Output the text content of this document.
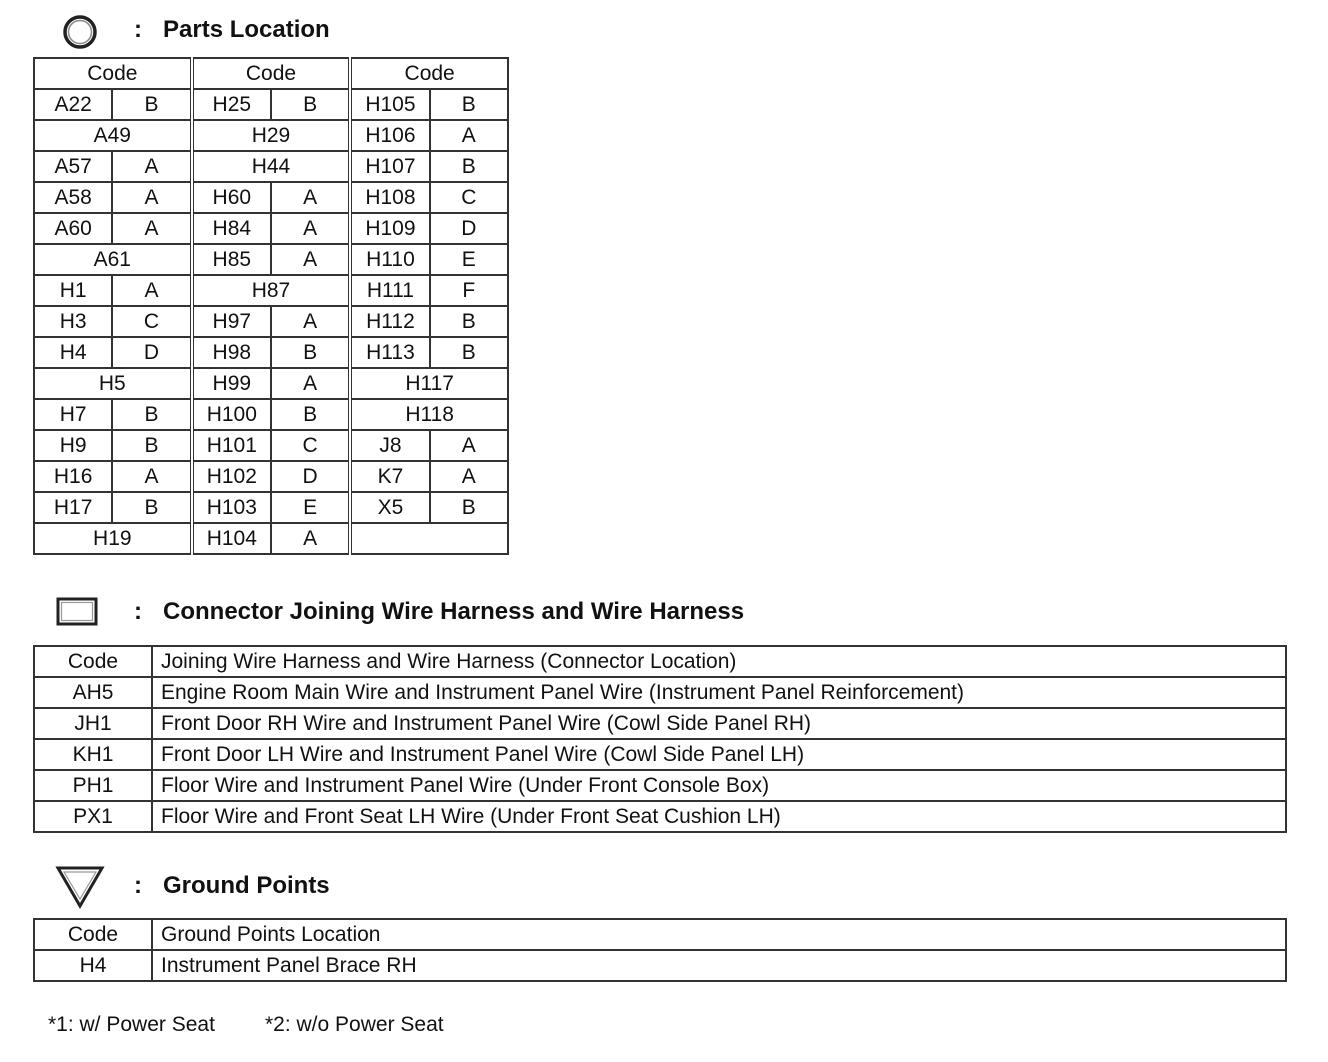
: Parts Location
Code		Code		Code	
A22	B	H25	B	H105	B
A49		H29		H106	A
A57	A	H44		H107	B
A58	A	H60	A	H108	C
A60	A	H84	A	H109	D
A61		H85	A	H110	E
H1	A	H87		H111	F
H3	C	H97	A	H112	B
H4	D	H98	B	H113	B
H5		H99	A	H117	
H7	B	H100	B	H118	
H9	B	H101	C	J8	A
H16	A	H102	D	K7	A
H17	B	H103	E	X5	B
H19		H104	A		
: Connector Joining Wire Harness and Wire Harness
Code	Joining Wire Harness and Wire Harness (Connector Location)
AH5	Engine Room Main Wire and Instrument Panel Wire (Instrument Panel Reinforcement)
JH1	Front Door RH Wire and Instrument Panel Wire (Cowl Side Panel RH)
KH1	Front Door LH Wire and Instrument Panel Wire (Cowl Side Panel LH)
PH1	Floor Wire and Instrument Panel Wire (Under Front Console Box)
PX1	Floor Wire and Front Seat LH Wire (Under Front Seat Cushion LH)
: Ground Points
Code	Ground Points Location
H4	Instrument Panel Brace RH
*1: w/ Power Seat *2: w/o Power Seat
